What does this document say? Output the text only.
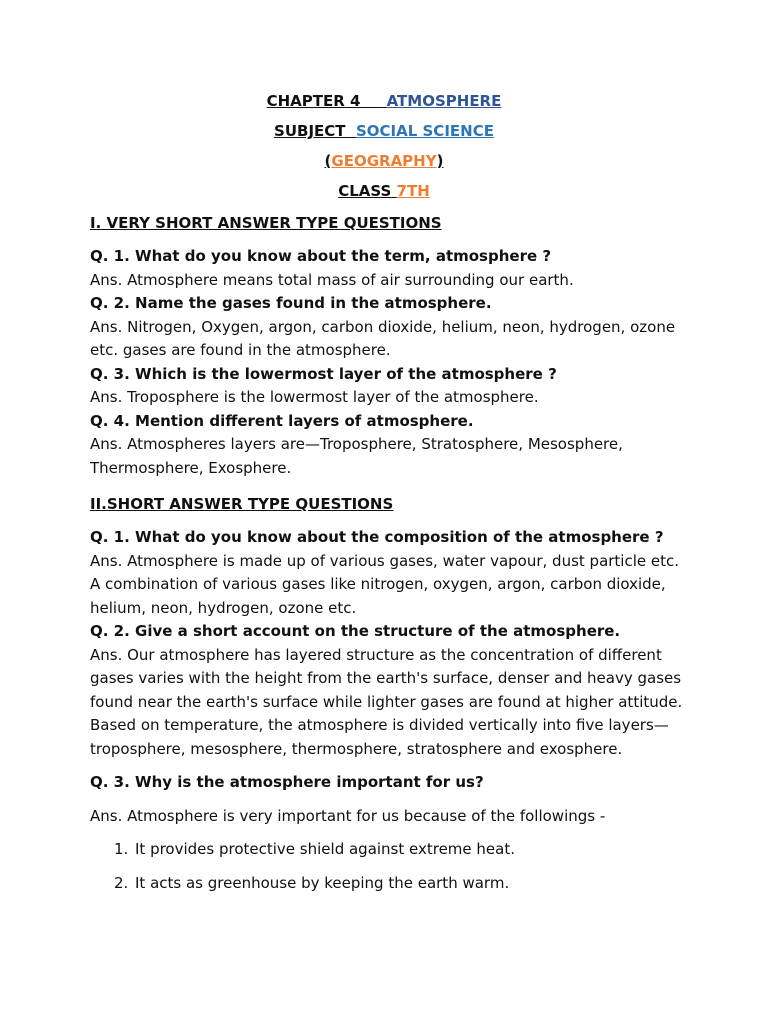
CHAPTER 4 ATMOSPHERE
SUBJECT SOCIAL SCIENCE
(GEOGRAPHY)
CLASS 7TH
I. VERY SHORT ANSWER TYPE QUESTIONS
Q. 1. What do you know about the term, atmosphere ?
Ans. Atmosphere means total mass of air surrounding our earth.
Q. 2. Name the gases found in the atmosphere.
Ans. Nitrogen, Oxygen, argon, carbon dioxide, helium, neon, hydrogen, ozone etc. gases are found in the atmosphere.
Q. 3. Which is the lowermost layer of the atmosphere ?
Ans. Troposphere is the lowermost layer of the atmosphere.
Q. 4. Mention different layers of atmosphere.
Ans. Atmospheres layers are—Troposphere, Stratosphere, Mesosphere, Thermosphere, Exosphere.
II.SHORT ANSWER TYPE QUESTIONS
Q. 1. What do you know about the composition of the atmosphere ?
Ans. Atmosphere is made up of various gases, water vapour, dust particle etc. A combination of various gases like nitrogen, oxygen, argon, carbon dioxide, helium, neon, hydrogen, ozone etc.
Q. 2. Give a short account on the structure of the atmosphere.
Ans. Our atmosphere has layered structure as the concentration of different gases varies with the height from the earth's surface, denser and heavy gases found near the earth's surface while lighter gases are found at higher attitude. Based on temperature, the atmosphere is divided vertically into five layers—troposphere, mesosphere, thermosphere, stratosphere and exosphere.
Q. 3. Why is the atmosphere important for us?
Ans. Atmosphere is very important for us because of the followings -
1. It provides protective shield against extreme heat.
2. It acts as greenhouse by keeping the earth warm.
